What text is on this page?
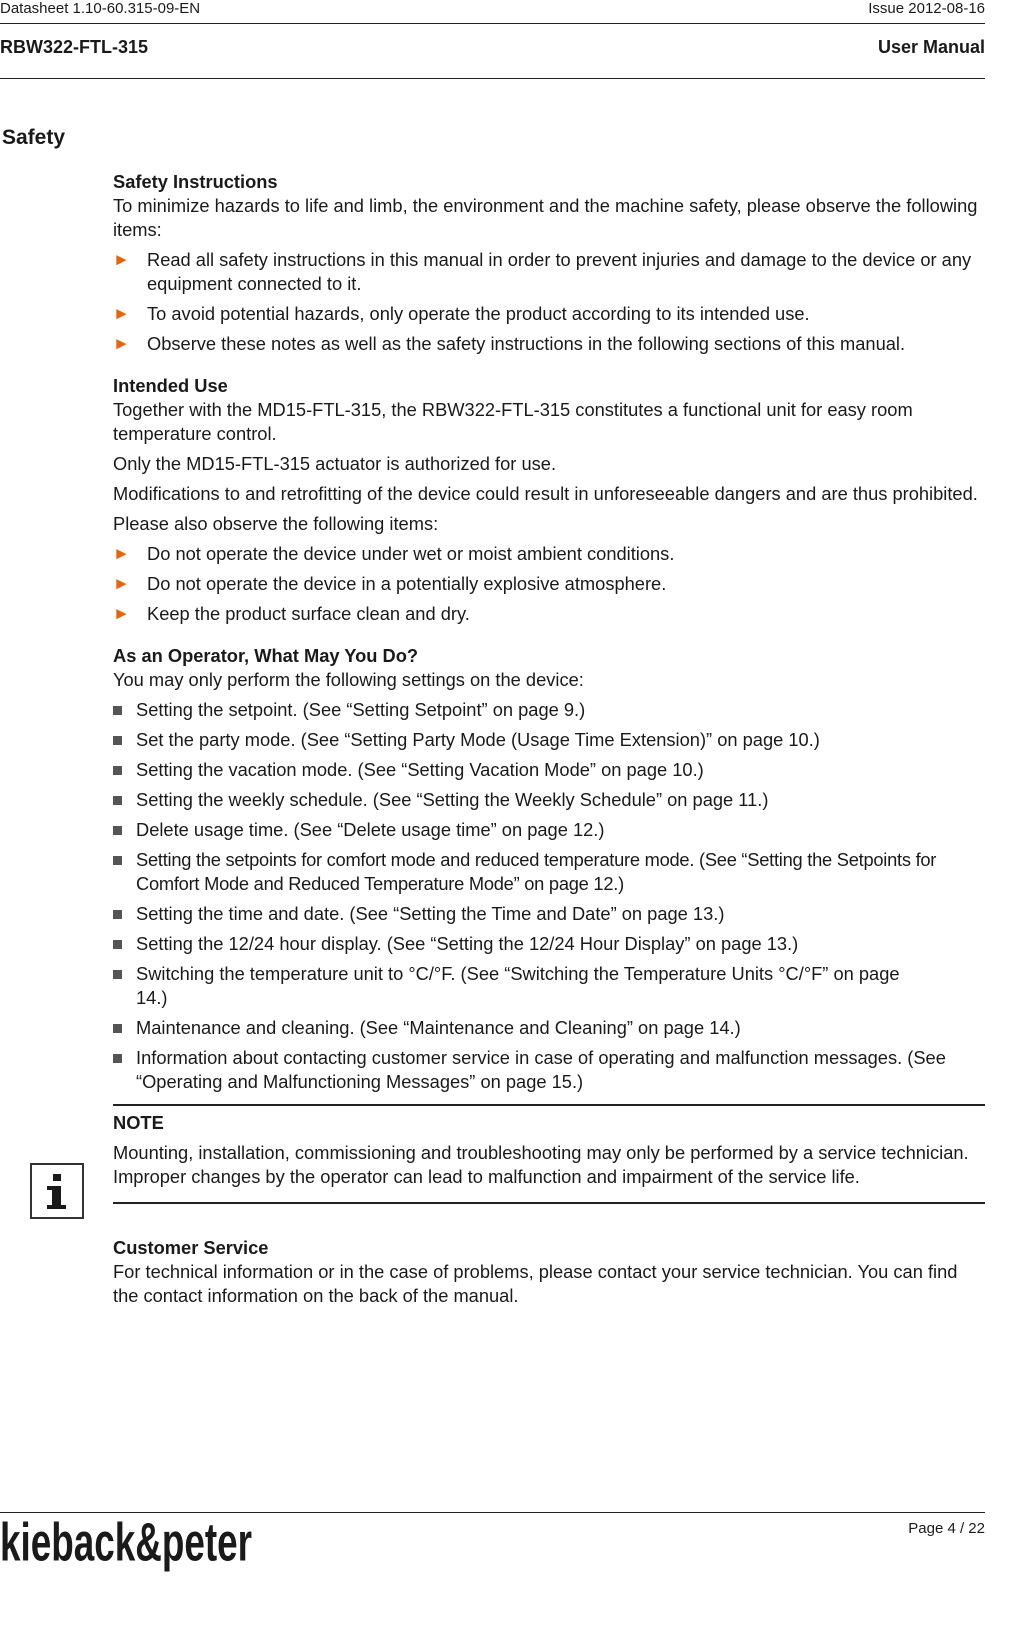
Datasheet 1.10-60.315-09-EN	Issue 2012-08-16
RBW322-FTL-315	User Manual
Safety

Safety Instructions

To minimize hazards to life and limb, the environment and the machine safety, please observe the following items:

► Read all safety instructions in this manual in order to prevent injuries and damage to the device or any equipment connected to it.
► To avoid potential hazards, only operate the product according to its intended use.
► Observe these notes as well as the safety instructions in the following sections of this manual.

Intended Use

Together with the MD15-FTL-315, the RBW322-FTL-315 constitutes a functional unit for easy room temperature control.

Only the MD15-FTL-315 actuator is authorized for use.

Modifications to and retrofitting of the device could result in unforeseeable dangers and are thus prohibited.

Please also observe the following items:

► Do not operate the device under wet or moist ambient conditions.
► Do not operate the device in a potentially explosive atmosphere.
► Keep the product surface clean and dry.

As an Operator, What May You Do?

You may only perform the following settings on the device:

Setting the setpoint. (See “Setting Setpoint” on page 9.)
Set the party mode. (See “Setting Party Mode (Usage Time Extension)” on page 10.)
Setting the vacation mode. (See “Setting Vacation Mode” on page 10.)
Setting the weekly schedule. (See “Setting the Weekly Schedule” on page 11.)
Delete usage time. (See “Delete usage time” on page 12.)
Setting the setpoints for comfort mode and reduced temperature mode. (See “Setting the Setpoints for Comfort Mode and Reduced Temperature Mode” on page 12.)
Setting the time and date. (See “Setting the Time and Date” on page 13.)
Setting the 12/24 hour display. (See “Setting the 12/24 Hour Display” on page 13.)
Switching the temperature unit to °C/°F. (See “Switching the Temperature Units °C/°F” on page 14.)
Maintenance and cleaning. (See “Maintenance and Cleaning” on page 14.)
Information about contacting customer service in case of operating and malfunction messages. (See “Operating and Malfunctioning Messages” on page 15.)

NOTE

Mounting, installation, commissioning and troubleshooting may only be performed by a service technician. Improper changes by the operator can lead to malfunction and impairment of the service life.

Customer Service

For technical information or in the case of problems, please contact your service technician. You can find the contact information on the back of the manual.

kieback&peter	Page 4 / 22
